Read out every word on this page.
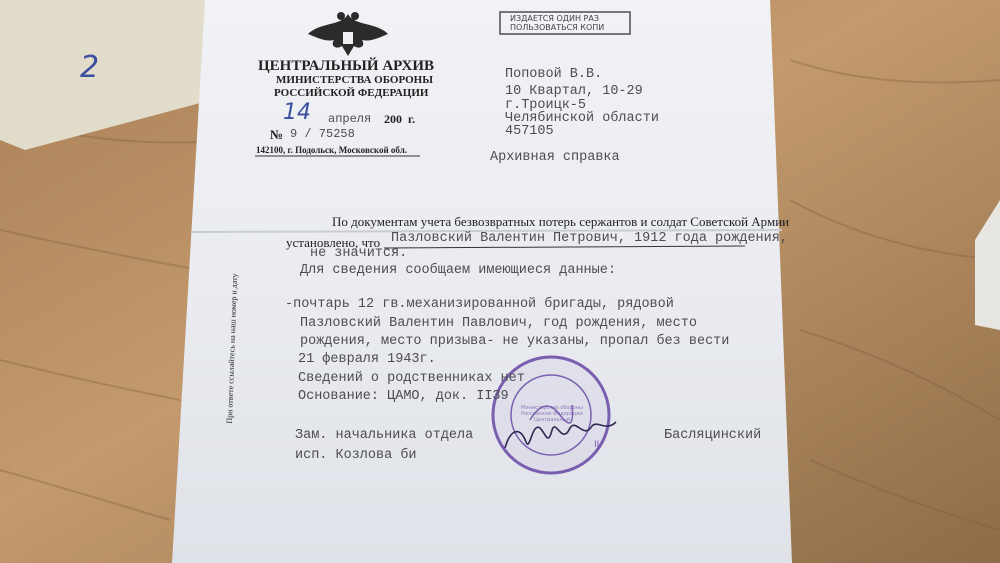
2	ЦЕНТРАЛЬНЫЙ АРХИВ
МИНИСТЕРСТВА ОБОРОНЫ
РОССИЙСКОЙ ФЕДЕРАЦИИ
14 апреля 200 г.
№ 9 / 75258
142100, г. Подольск, Московской обл.
ИЗДАЕТСЯ ОДИН РАЗ
ПОЛЬЗОВАТЬСЯ КОПИ
Поповой В.В.
10 Квартал, 10-29
г.Троицк-5
Челябинской области
457105
Архивная справка
По документам учета безвозвратных потерь сержантов и солдат Советской Армии
установлено, что Пазловский Валентин Петрович, 1912 года рождения,
не значится.
Для сведения сообщаем имеющиеся данные:
-почтарь 12 гв.механизированной бригады, рядовой
Пазловский Валентин Павлович, год рождения, место
рождения, место призыва- не указаны, пропал без вести
21 февраля 1943г.
Сведений о родственниках нет
Основание: ЦАМО, док. II39
При ответе ссылайтесь на наш номер и дату
Зам. начальника отдела
исп. Козлова би
Басляцинский
Министерство обороны Российской Федерации Центральный
II
